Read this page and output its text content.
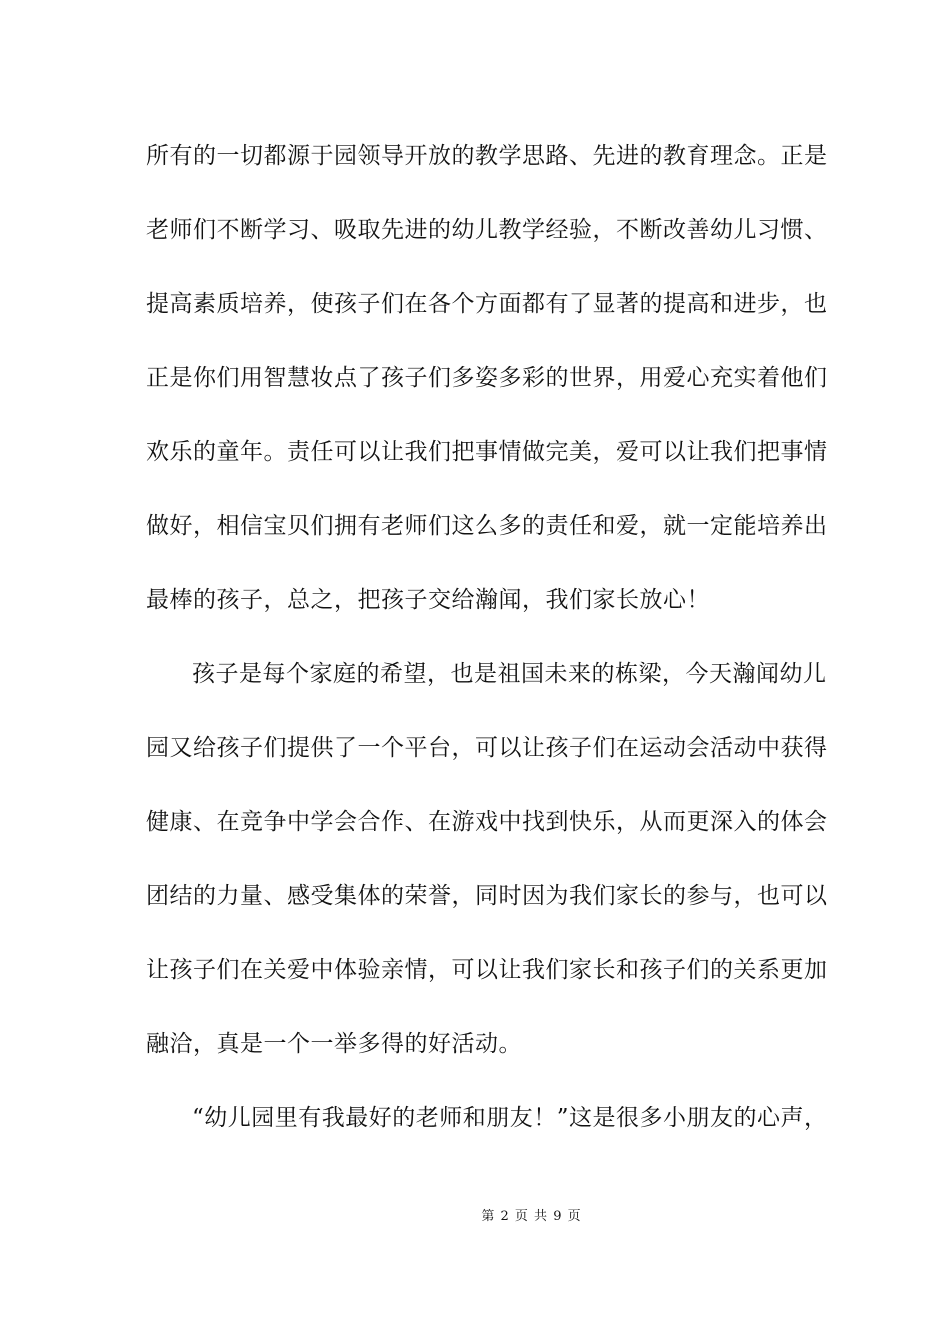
所有的一切都源于园领导开放的教学思路、先进的教育理念。正是
老师们不断学习、吸取先进的幼儿教学经验，不断改善幼儿习惯、
提高素质培养，使孩子们在各个方面都有了显著的提高和进步，也
正是你们用智慧妆点了孩子们多姿多彩的世界，用爱心充实着他们
欢乐的童年。责任可以让我们把事情做完美，爱可以让我们把事情
做好，相信宝贝们拥有老师们这么多的责任和爱，就一定能培养出
最棒的孩子，总之，把孩子交给瀚闻，我们家长放心！
孩子是每个家庭的希望，也是祖国未来的栋梁，今天瀚闻幼儿
园又给孩子们提供了一个平台，可以让孩子们在运动会活动中获得
健康、在竞争中学会合作、在游戏中找到快乐，从而更深入的体会
团结的力量、感受集体的荣誉，同时因为我们家长的参与，也可以
让孩子们在关爱中体验亲情，可以让我们家长和孩子们的关系更加
融洽，真是一个一举多得的好活动。
“幼儿园里有我最好的老师和朋友！”这是很多小朋友的心声，
第 2 页 共 9 页
